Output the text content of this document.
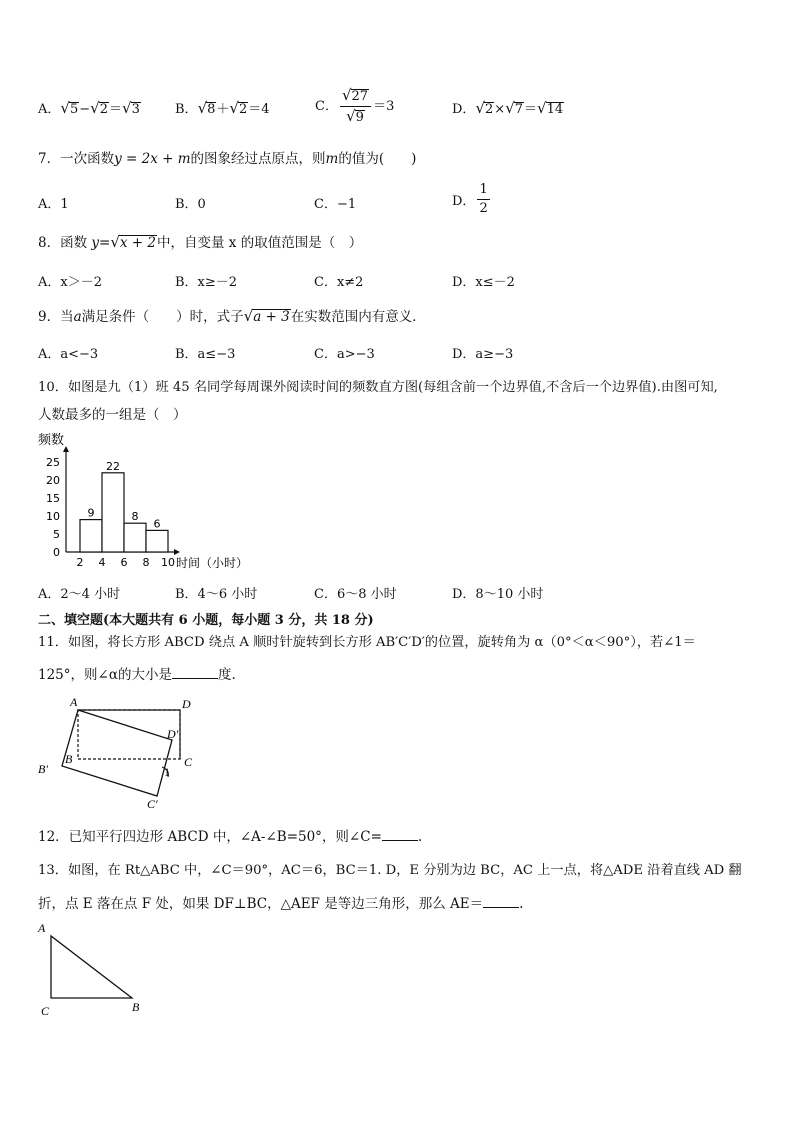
A．√5−√2＝√3	B．√8＋√2＝4	C． $\frac{√27}{√9} =3$	D．√2×√7＝√14
7．一次函数y = 2x + m的图象经过点原点，则m的值为(　　)
A．1	B．0	C．−1	D． $\frac{1}{2}$
8．函数 y=√x + 2中，自变量 x 的取值范围是（　）
A．x＞－2	B．x≥－2	C．x≠2	D．x≤－2
9．当a满足条件（　　）时，式子√a + 3在实数范围内有意义．
A．a<−3	B．a≤−3	C．a>−3	D．a≥−3
10．如图是九（1）班 45 名同学每周课外阅读时间的频数直方图(每组含前一个边界值,不含后一个边界值).由图可知,
人数最多的一组是（　）
频数
0
5
10
15
20
25
9
22
8
6
2 4 6 8 10 时间（小时）
A．2～4 小时	B．4～6 小时	C．6～8 小时	D．8～10 小时
二、填空题(本大题共有 6 小题，每小题 3 分，共 18 分)
11．如图，将长方形 ABCD 绕点 A 顺时针旋转到长方形 AB′C′D′的位置，旋转角为 α（0°＜α＜90°），若∠1＝
125°，则∠α的大小是	度.
A	D
D′
B	C
B′	1
C′
12．已知平行四边形 ABCD 中，∠A-∠B=50°，则∠C=	.
13．如图，在 Rt△ABC 中，∠C＝90°，AC＝6，BC＝1. D，E 分别为边 BC，AC 上一点，将△ADE 沿着直线 AD 翻
折，点 E 落在点 F 处，如果 DF⊥BC，△AEF 是等边三角形，那么 AE＝	.
A
C	B
